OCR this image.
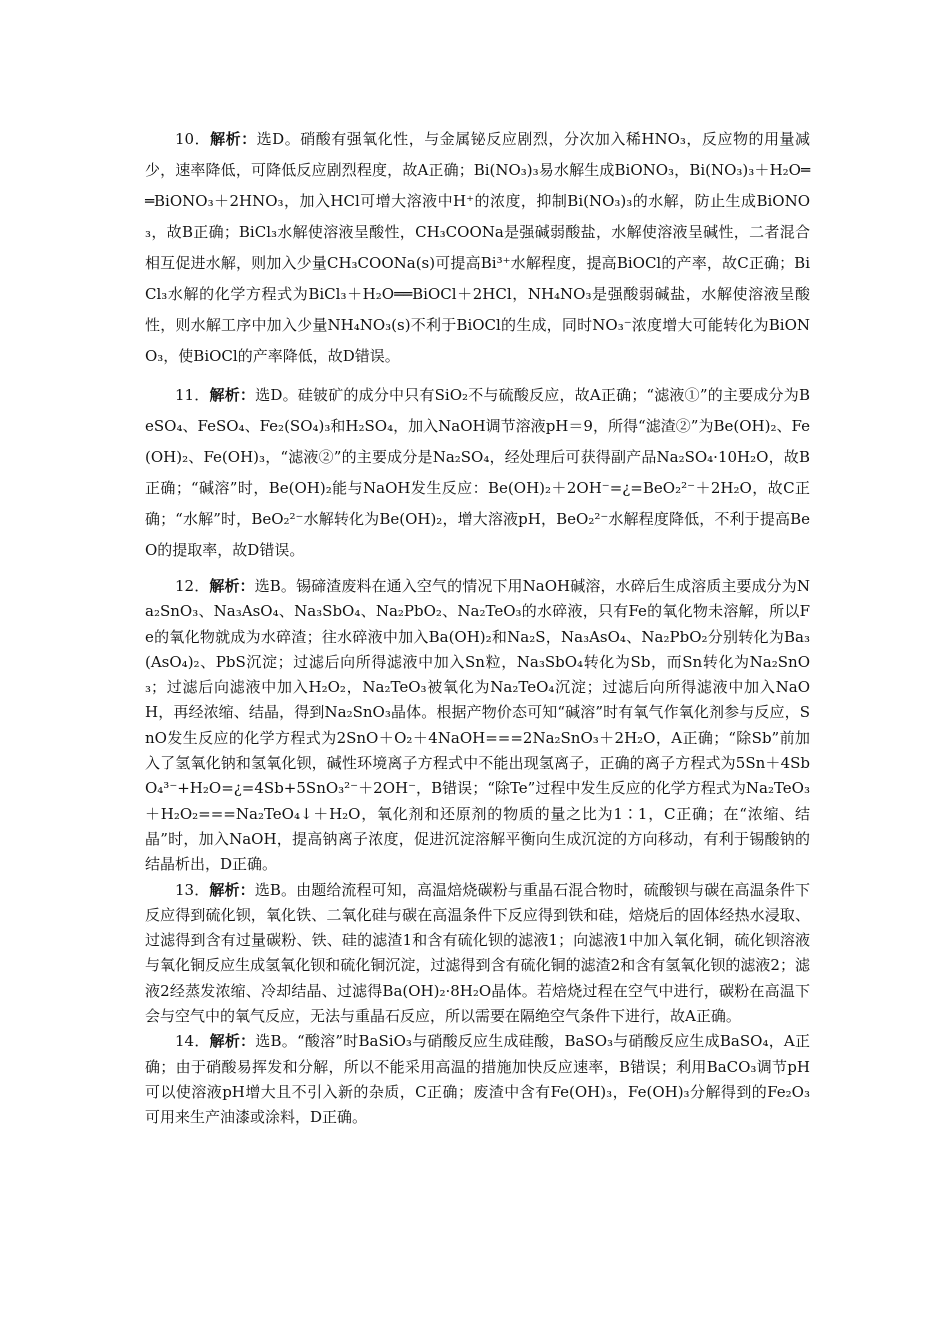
10．解析：选D。硝酸有强氧化性，与金属铋反应剧烈，分次加入稀HNO₃，反应物的用量减少，速率降低，可降低反应剧烈程度，故A正确；Bi(NO₃)₃易水解生成BiONO₃，Bi(NO₃)₃＋H₂O══BiONO₃＋2HNO₃，加入HCl可增大溶液中H⁺的浓度，抑制Bi(NO₃)₃的水解，防止生成BiONO₃，故B正确；BiCl₃水解使溶液呈酸性，CH₃COONa是强碱弱酸盐，水解使溶液呈碱性，二者混合相互促进水解，则加入少量CH₃COONa(s)可提高Bi³⁺水解程度，提高BiOCl的产率，故C正确；BiCl₃水解的化学方程式为BiCl₃＋H₂O══BiOCl＋2HCl，NH₄NO₃是强酸弱碱盐，水解使溶液呈酸性，则水解工序中加入少量NH₄NO₃(s)不利于BiOCl的生成，同时NO₃⁻浓度增大可能转化为BiONO₃，使BiOCl的产率降低，故D错误。

11．解析：选D。硅铍矿的成分中只有SiO₂不与硫酸反应，故A正确；“滤液①”的主要成分为BeSO₄、FeSO₄、Fe₂(SO₄)₃和H₂SO₄，加入NaOH调节溶液pH＝9，所得“滤渣②”为Be(OH)₂、Fe(OH)₂、Fe(OH)₃，“滤液②”的主要成分是Na₂SO₄，经处理后可获得副产品Na₂SO₄·10H₂O，故B正确；“碱溶”时，Be(OH)₂能与NaOH发生反应：Be(OH)₂＋2OH⁻=¿=BeO₂²⁻＋2H₂O，故C正确；“水解”时，BeO₂²⁻水解转化为Be(OH)₂，增大溶液pH，BeO₂²⁻水解程度降低，不利于提高BeO的提取率，故D错误。

12．解析：选B。锡碲渣废料在通入空气的情况下用NaOH碱溶，水碎后生成溶质主要成分为Na₂SnO₃、Na₃AsO₄、Na₃SbO₄、Na₂PbO₂、Na₂TeO₃的水碎液，只有Fe的氧化物未溶解，所以Fe的氧化物就成为水碎渣；往水碎液中加入Ba(OH)₂和Na₂S，Na₃AsO₄、Na₂PbO₂分别转化为Ba₃(AsO₄)₂、PbS沉淀；过滤后向所得滤液中加入Sn粒，Na₃SbO₄转化为Sb，而Sn转化为Na₂SnO₃；过滤后向滤液中加入H₂O₂，Na₂TeO₃被氧化为Na₂TeO₄沉淀；过滤后向所得滤液中加入NaOH，再经浓缩、结晶，得到Na₂SnO₃晶体。根据产物价态可知“碱溶”时有氧气作氧化剂参与反应，SnO发生反应的化学方程式为2SnO＋O₂＋4NaOH===2Na₂SnO₃＋2H₂O，A正确；“除Sb”前加入了氢氧化钠和氢氧化钡，碱性环境离子方程式中不能出现氢离子，正确的离子方程式为5Sn＋4SbO₄³⁻+H₂O=¿=4Sb+5SnO₃²⁻＋2OH⁻，B错误；“除Te”过程中发生反应的化学方程式为Na₂TeO₃＋H₂O₂===Na₂TeO₄↓＋H₂O，氧化剂和还原剂的物质的量之比为1∶1，C正确；在“浓缩、结晶”时，加入NaOH，提高钠离子浓度，促进沉淀溶解平衡向生成沉淀的方向移动，有利于锡酸钠的结晶析出，D正确。

13．解析：选B。由题给流程可知，高温焙烧碳粉与重晶石混合物时，硫酸钡与碳在高温条件下反应得到硫化钡，氧化铁、二氧化硅与碳在高温条件下反应得到铁和硅，焙烧后的固体经热水浸取、过滤得到含有过量碳粉、铁、硅的滤渣1和含有硫化钡的滤液1；向滤液1中加入氧化铜，硫化钡溶液与氧化铜反应生成氢氧化钡和硫化铜沉淀，过滤得到含有硫化铜的滤渣2和含有氢氧化钡的滤液2；滤液2经蒸发浓缩、冷却结晶、过滤得Ba(OH)₂·8H₂O晶体。若焙烧过程在空气中进行，碳粉在高温下会与空气中的氧气反应，无法与重晶石反应，所以需要在隔绝空气条件下进行，故A正确。

14．解析：选B。“酸溶”时BaSiO₃与硝酸反应生成硅酸，BaSO₃与硝酸反应生成BaSO₄，A正确；由于硝酸易挥发和分解，所以不能采用高温的措施加快反应速率，B错误；利用BaCO₃调节pH可以使溶液pH增大且不引入新的杂质，C正确；废渣中含有Fe(OH)₃，Fe(OH)₃分解得到的Fe₂O₃可用来生产油漆或涂料，D正确。
